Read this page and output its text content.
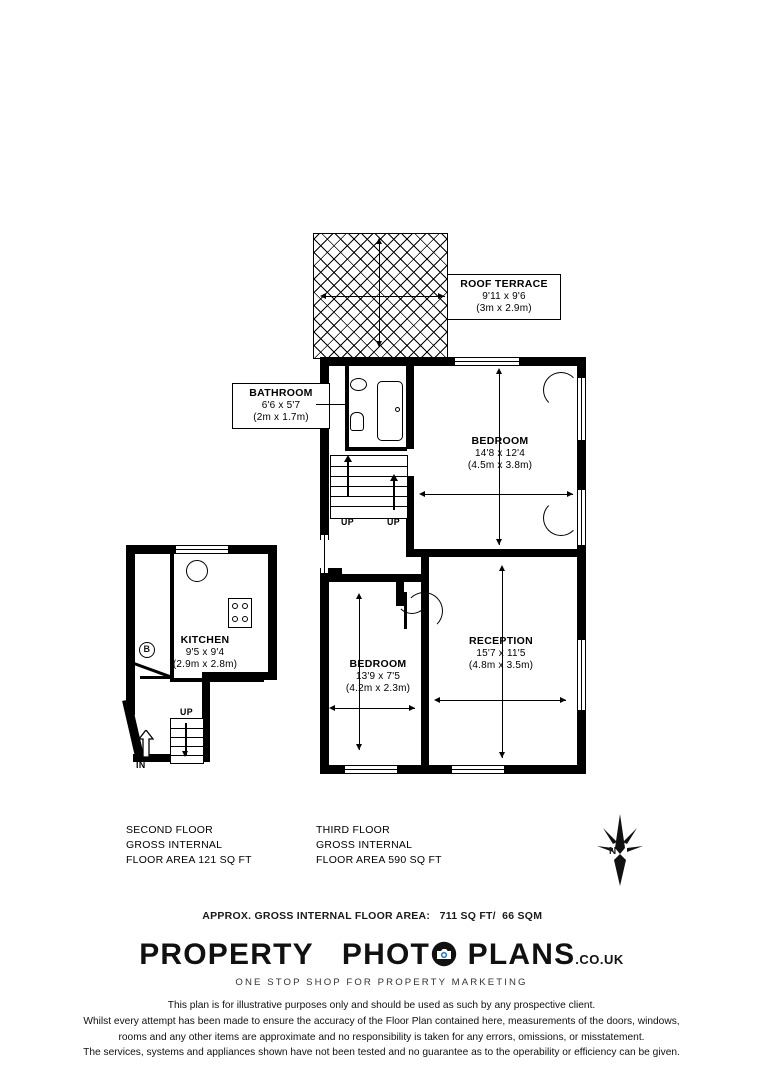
ROOF TERRACE
9'11 x 9'6
(3m x 2.9m)
BATHROOM
6'6 x 5'7
(2m x 1.7m)
UP	UP
BEDROOM
14'8 x 12'4
(4.5m x 3.8m)
RECEPTION
15'7 x 11'5
(4.8m x 3.5m)
BEDROOM
13'9 x 7'5
(4.2m x 2.3m)
B
KITCHEN
9'5 x 9'4
(2.9m x 2.8m)
UP
IN
SECOND FLOOR
GROSS INTERNAL
FLOOR AREA 121 SQ FT
THIRD FLOOR
GROSS INTERNAL
FLOOR AREA 590 SQ FT
N

APPROX. GROSS INTERNAL FLOOR AREA: 711 SQ FT/  66 SQM

PROPERTY PHOT PLANS.CO.UK
ONE STOP SHOP FOR PROPERTY MARKETING
This plan is for illustrative purposes only and should be used as such by any prospective client.
Whilst every attempt has been made to ensure the accuracy of the Floor Plan contained here, measurements of the doors, windows,
rooms and any other items are approximate and no responsibility is taken for any errors, omissions, or misstatement.
The services, systems and appliances shown have not been tested and no guarantee as to the operability or efficiency can be given.
